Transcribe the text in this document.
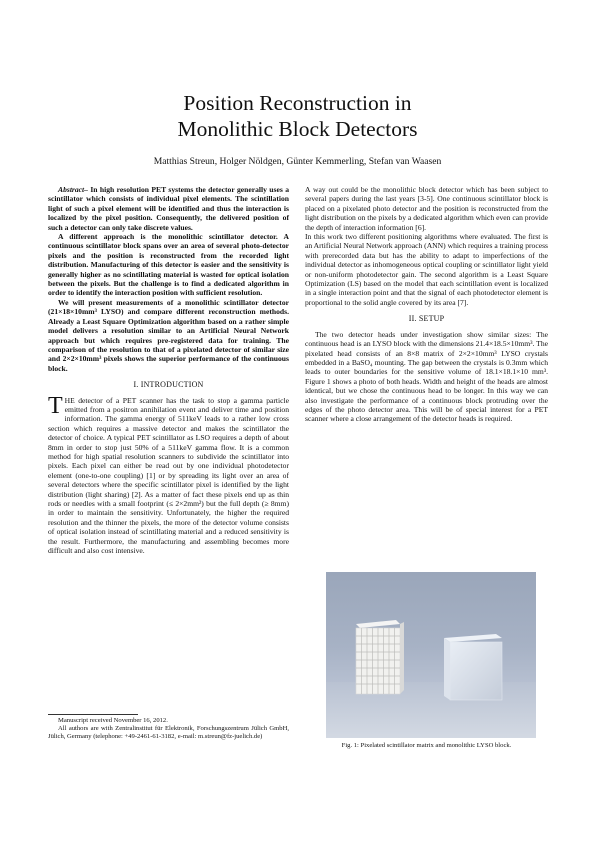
Position Reconstruction in
Monolithic Block Detectors
Matthias Streun, Holger Nöldgen, Günter Kemmerling, Stefan van Waasen

Abstract– In high resolution PET systems the detector generally uses a scintillator which consists of individual pixel elements. The scintillation light of such a pixel element will be identified and thus the interaction is localized by the pixel position. Consequently, the delivered position of such a detector can only take discrete values.

A different approach is the monolithic scintillator detector. A continuous scintillator block spans over an area of several photo-detector pixels and the position is reconstructed from the recorded light distribution. Manufacturing of this detector is easier and the sensitivity is generally higher as no scintillating material is wasted for optical isolation between the pixels. But the challenge is to find a dedicated algorithm in order to identify the interaction position with sufficient resolution.

We will present measurements of a monolithic scintillator detector (21×18×10mm³ LYSO) and compare different reconstruction methods. Already a Least Square Optimization algorithm based on a rather simple model delivers a resolution similar to an Artificial Neural Network approach but which requires pre-registered data for training. The comparison of the resolution to that of a pixelated detector of similar size and 2×2×10mm³ pixels shows the superior performance of the continuous block.

I. INTRODUCTION

THE detector of a PET scanner has the task to stop a gamma particle emitted from a positron annihilation event and deliver time and position information. The gamma energy of 511keV leads to a rather low cross section which requires a massive detector and makes the scintillator the detector of choice. A typical PET scintillator as LSO requires a depth of about 8mm in order to stop just 50% of a 511keV gamma flow. It is a common method for high spatial resolution scanners to subdivide the scintillator into pixels. Each pixel can either be read out by one individual photodetector element (one-to-one coupling) [1] or by spreading its light over an area of several detectors where the specific scintillator pixel is identified by the light distribution (light sharing) [2]. As a matter of fact these pixels end up as thin rods or needles with a small footprint (≤ 2×2mm²) but the full depth (≥ 8mm) in order to maintain the sensitivity. Unfortunately, the higher the required resolution and the thinner the pixels, the more of the detector volume consists of optical isolation instead of scintillating material and a reduced sensitivity is the result. Furthermore, the manufacturing and assembling becomes more difficult and also cost intensive.

Manuscript received November 16, 2012.

All authors are with Zentralinstitut für Elektronik, Forschungszentrum Jülich GmbH, Jülich, Germany (telephone: +49-2461-61-3182, e-mail: m.streun@fz-juelich.de)

A way out could be the monolithic block detector which has been subject to several papers during the last years [3-5]. One continuous scintillator block is placed on a pixelated photo detector and the position is reconstructed from the light distribution on the pixels by a dedicated algorithm which even can provide the depth of interaction information [6].

In this work two different positioning algorithms where evaluated. The first is an Artificial Neural Network approach (ANN) which requires a training process with prerecorded data but has the ability to adapt to imperfections of the individual detector as inhomogeneous optical coupling or scintillator light yield or non-uniform photodetector gain. The second algorithm is a Least Square Optimization (LS) based on the model that each scintillation event is localized in a single interaction point and that the signal of each photodetector element is proportional to the solid angle covered by its area [7].

II. SETUP

The two detector heads under investigation show similar sizes: The continuous head is an LYSO block with the dimensions 21.4×18.5×10mm³. The pixelated head consists of an 8×8 matrix of 2×2×10mm³ LYSO crystals embedded in a BaSO₄ mounting. The gap between the crystals is 0.3mm which leads to outer boundaries for the sensitive volume of 18.1×18.1×10 mm³. Figure 1 shows a photo of both heads. Width and height of the heads are almost identical, but we chose the continuous head to be longer. In this way we can also investigate the performance of a continuous block protruding over the edges of the photo detector area. This will be of special interest for a PET scanner where a close arrangement of the detector heads is required.

Fig. 1: Pixelated scintillator matrix and monolithic LYSO block.
